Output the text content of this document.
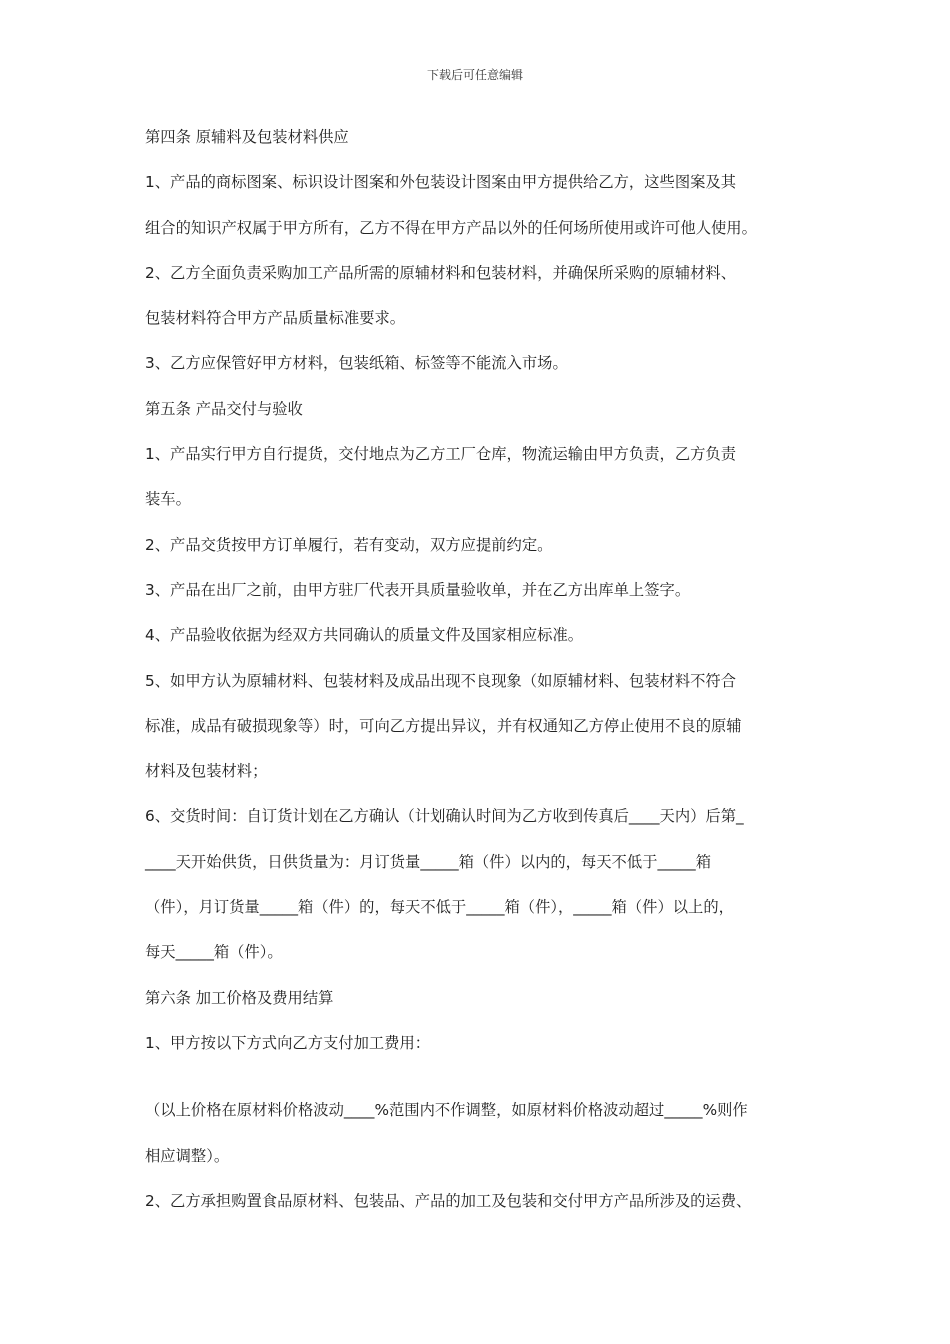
下载后可任意编辑
第四条 原辅料及包装材料供应
1、产品的商标图案、标识设计图案和外包装设计图案由甲方提供给乙方，这些图案及其
组合的知识产权属于甲方所有，乙方不得在甲方产品以外的任何场所使用或许可他人使用。
2、乙方全面负责采购加工产品所需的原辅材料和包装材料，并确保所采购的原辅材料、
包装材料符合甲方产品质量标准要求。
3、乙方应保管好甲方材料，包装纸箱、标签等不能流入市场。
第五条 产品交付与验收
1、产品实行甲方自行提货，交付地点为乙方工厂仓库，物流运输由甲方负责，乙方负责
装车。
2、产品交货按甲方订单履行，若有变动，双方应提前约定。
3、产品在出厂之前，由甲方驻厂代表开具质量验收单，并在乙方出库单上签字。
4、产品验收依据为经双方共同确认的质量文件及国家相应标准。
5、如甲方认为原辅材料、包装材料及成品出现不良现象（如原辅材料、包装材料不符合
标准，成品有破损现象等）时，可向乙方提出异议，并有权通知乙方停止使用不良的原辅
材料及包装材料；
6、交货时间：自订货计划在乙方确认（计划确认时间为乙方收到传真后____天内）后第_
____天开始供货，日供货量为：月订货量_____箱（件）以内的，每天不低于_____箱
（件），月订货量_____箱（件）的，每天不低于_____箱（件），_____箱（件）以上的，
每天_____箱（件）。
第六条 加工价格及费用结算
1、甲方按以下方式向乙方支付加工费用：
（以上价格在原材料价格波动____%范围内不作调整，如原材料价格波动超过_____%则作
相应调整）。
2、乙方承担购置食品原材料、包装品、产品的加工及包装和交付甲方产品所涉及的运费、
